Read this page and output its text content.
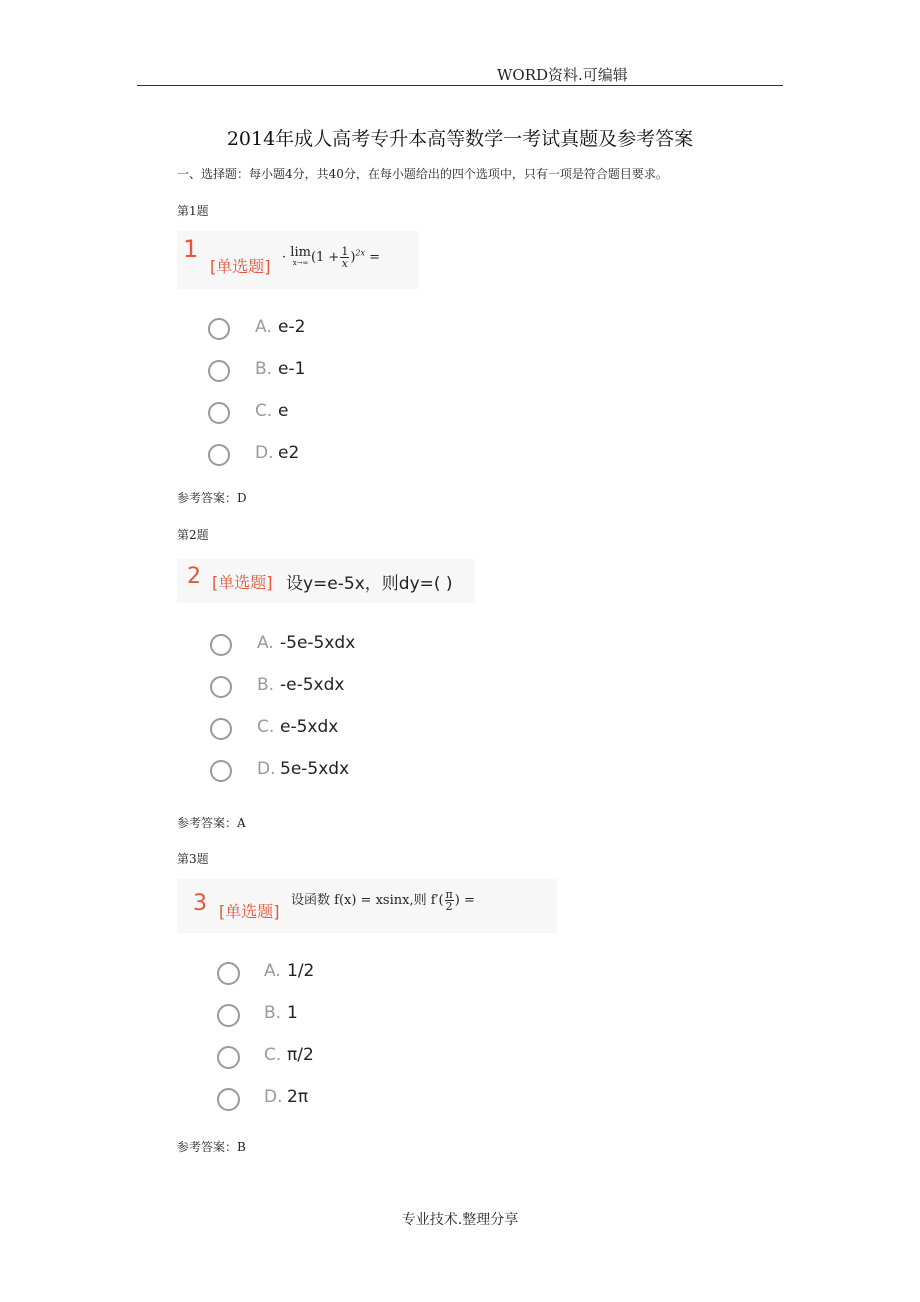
WORD资料.可编辑
2014年成人高考专升本高等数学一考试真题及参考答案
一、选择题：每小题4分，共40分，在每小题给出的四个选项中，只有一项是符合题目要求。
第1题
1
[单选题] · lim
x→∞ $(1 + \frac{1}{x} )^{2x}$ =
A. e-2
B. e-1
C. e
D. e2
参考答案：D
第2题
2 [单选题] 设y=e-5x，则dy=( )
A. -5e-5xdx
B. -e-5xdx
C. e-5xdx
D. 5e-5xdx
参考答案：A
第3题
3 [单选题]
设函数 f(x) = xsinx,则 $f'( \frac{\pi}{2}$ ) =
A. 1/2
B. 1
C. π/2
D. 2π
参考答案：B
专业技术.整理分享
